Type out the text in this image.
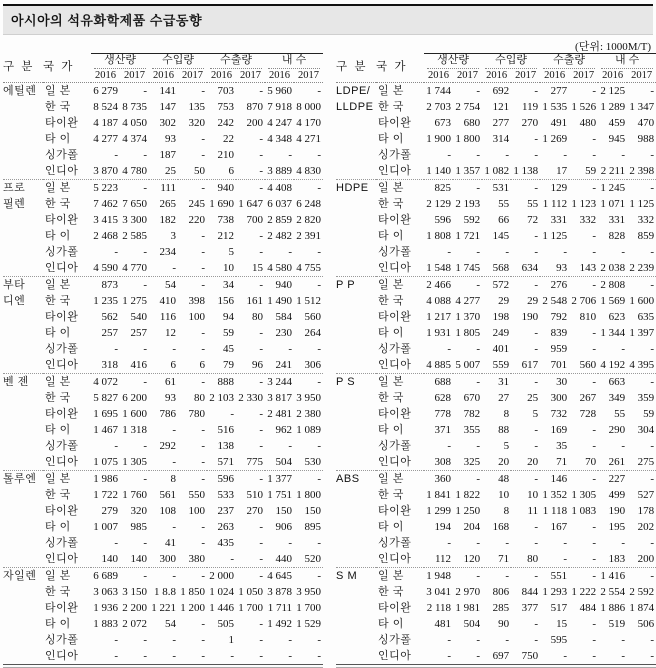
아시아의 석유화학제품 수급동향
(단위: 1000M/T)
구 분	국 가	생산량		수입량		수출량		내 수	

		2016	2017	2016	2017	2016	2017	2016	2017
에틸렌	일 본	6 279	-	141	-	703	-	5 960	-
	한 국	8 524	8 735	147	135	753	870	7 918	8 000
	타이완	4 187	4 050	302	320	242	200	4 247	4 170
	타 이	4 277	4 374	93	-	22	-	4 348	4 271
	싱가폴	-	-	187	-	210	-	-	-
	인디아	3 870	4 780	25	50	6	-	3 889	4 830
프로	일 본	5 223	-	111	-	940	-	4 408	-
필렌	한 국	7 462	7 650	265	245	1 690	1 647	6 037	6 248
	타이완	3 415	3 300	182	220	738	700	2 859	2 820
	타 이	2 468	2 585	3	-	212	-	2 482	2 391
	싱가폴	-	-	234	-	5	-	-	-
	인디아	4 590	4 770	-	-	10	15	4 580	4 755
부타	일 본	873	-	54	-	34	-	940	-
디엔	한 국	1 235	1 275	410	398	156	161	1 490	1 512
	타이완	562	540	116	100	94	80	584	560
	타 이	257	257	12	-	59	-	230	264
	싱가폴	-	-	-	-	45	-	-	-
	인디아	318	416	6	6	79	96	241	306
벤 젠	일 본	4 072	-	61	-	888	-	3 244	-
	한 국	5 827	6 200	93	80	2 103	2 330	3 817	3 950
	타이완	1 695	1 600	786	780	-	-	2 481	2 380
	타 이	1 467	1 318	-	-	516	-	962	1 089
	싱가폴	-	-	292	-	138	-	-	-
	인디아	1 075	1 305	-	-	571	775	504	530
톨루엔	일 본	1 986	-	8	-	596	-	1 377	-
	한 국	1 722	1 760	561	550	533	510	1 751	1 800
	타이완	279	320	108	100	237	270	150	150
	타 이	1 007	985	-	-	263	-	906	895
	싱가폴	-	-	41	-	435	-	-	-
	인디아	140	140	300	380	-	-	440	520
자일렌	일 본	6 689	-	-	-	2 000	-	4 645	-
	한 국	3 063	3 150	1 8.8	1 850	1 024	1 050	3 878	3 950
	타이완	1 936	2 200	1 221	1 200	1 446	1 700	1 711	1 700
	타 이	1 883	2 072	54	-	505	-	1 492	1 529
	싱가폴	-	-	-	-	1	-	-	-
	인디아	-	-	-	-	-	-	-	-
구 분	국 가	생산량		수입량		수출량		내 수	

		2016	2017	2016	2017	2016	2017	2016	2017
LDPE/	일 본	1 744	-	692	-	277	-	2 125	-
LLDPE	한 국	2 703	2 754	121	119	1 535	1 526	1 289	1 347
	타이완	673	680	277	270	491	480	459	470
	타 이	1 900	1 800	314	-	1 269	-	945	988
	싱가폴	-	-	-	-	-	-	-	-
	인디아	1 140	1 357	1 082	1 138	17	59	2 211	2 398
HDPE	일 본	825	-	531	-	129	-	1 245	-
	한 국	2 129	2 193	55	55	1 112	1 123	1 071	1 125
	타이완	596	592	66	72	331	332	331	332
	타 이	1 808	1 721	145	-	1 125	-	828	859
	싱가폴	-	-	-	-	-	-	-	-
	인디아	1 548	1 745	568	634	93	143	2 038	2 239
P P	일 본	2 466	-	572	-	276	-	2 808	-
	한 국	4 088	4 277	29	29	2 548	2 706	1 569	1 600
	타이완	1 217	1 370	198	190	792	810	623	635
	타 이	1 931	1 805	249	-	839	-	1 344	1 397
	싱가폴	-	-	401	-	959	-	-	-
	인디아	4 885	5 007	559	617	701	560	4 192	4 395
P S	일 본	688	-	31	-	30	-	663	-
	한 국	628	670	27	25	300	267	349	359
	타이완	778	782	8	5	732	728	55	59
	타 이	371	355	88	-	169	-	290	304
	싱가폴	-	-	5	-	35	-	-	-
	인디아	308	325	20	20	71	70	261	275
ABS	일 본	360	-	48	-	146	-	227	-
	한 국	1 841	1 822	10	10	1 352	1 305	499	527
	타이완	1 299	1 250	8	11	1 118	1 083	190	178
	타 이	194	204	168	-	167	-	195	202
	싱가폴	-	-	-	-	-	-	-	-
	인디아	112	120	71	80	-	-	183	200
S M	일 본	1 948	-	-	-	551	-	1 416	-
	한 국	3 041	2 970	806	844	1 293	1 222	2 554	2 592
	타이완	2 118	1 981	285	377	517	484	1 886	1 874
	타 이	481	504	90	-	15	-	519	506
	싱가폴	-	-	-	-	595	-	-	-
	인디아	-	-	697	750	-	-	-	-
